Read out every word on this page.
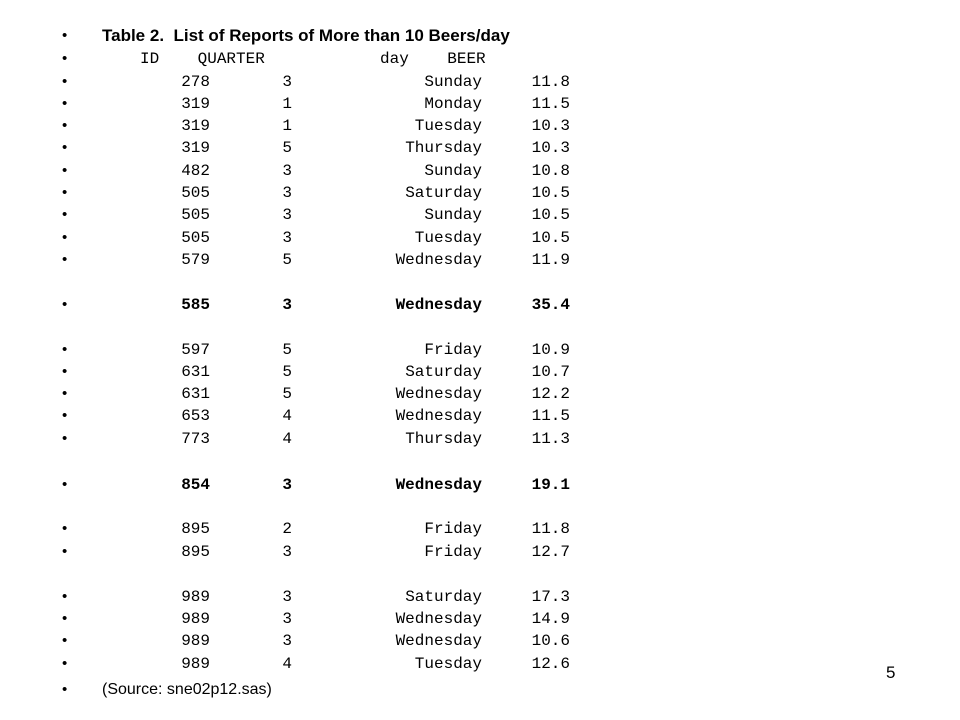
• Table 2.  List of Reports of More than 10 Beers/day
•	ID    QUARTER            day    BEER
•	278	3	Sunday	11.8
•	319	1	Monday	11.5
•	319	1	Tuesday	10.3
•	319	5	Thursday	10.3
•	482	3	Sunday	10.8
•	505	3	Saturday	10.5
•	505	3	Sunday	10.5
•	505	3	Tuesday	10.5
•	579	5	Wednesday	11.9
•	585	3	Wednesday	35.4
•	597	5	Friday	10.9
•	631	5	Saturday	10.7
•	631	5	Wednesday	12.2
•	653	4	Wednesday	11.5
•	773	4	Thursday	11.3
•	854	3	Wednesday	19.1
•	895	2	Friday	11.8
•	895	3	Friday	12.7
•	989	3	Saturday	17.3
•	989	3	Wednesday	14.9
•	989	3	Wednesday	10.6
•	989	4	Tuesday	12.6
• (Source: sne02p12.sas)
5
